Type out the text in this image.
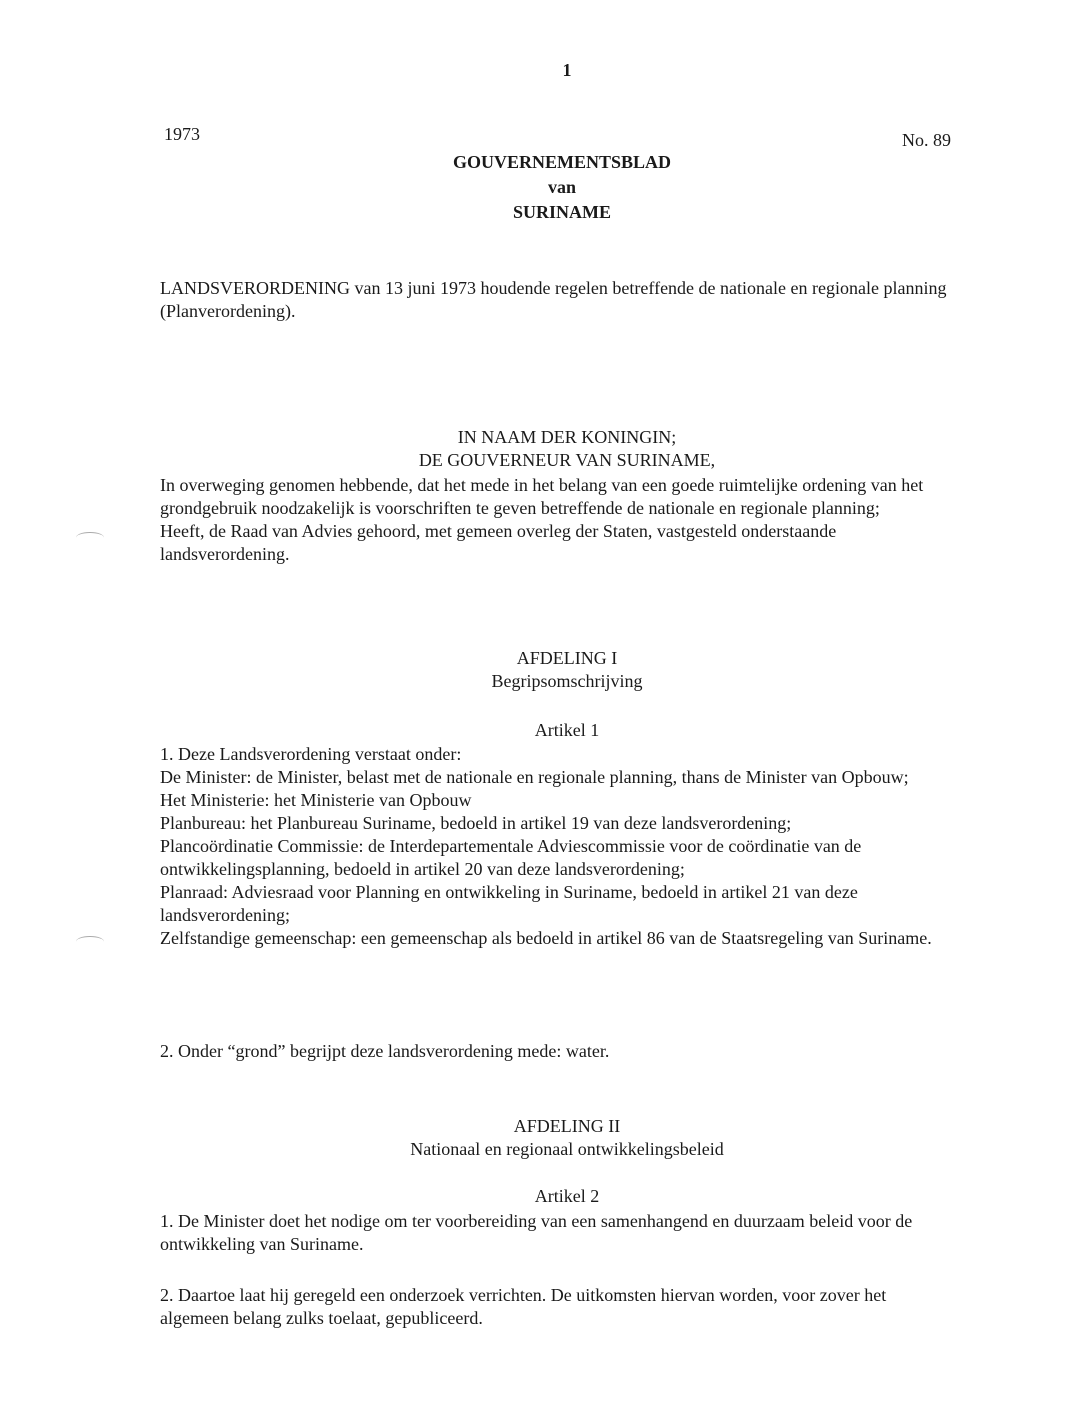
1
1973	No. 89
GOUVERNEMENTSBLAD
van
SURINAME

LANDSVERORDENING van 13 juni 1973 houdende regelen betreffende de nationale en regionale planning (Planverordening).

IN NAAM DER KONINGIN;
DE GOUVERNEUR VAN SURINAME,

In overweging genomen hebbende, dat het mede in het belang van een goede ruimtelijke ordening van het grondgebruik noodzakelijk is voorschriften te geven betreffende de nationale en regionale planning;

Heeft, de Raad van Advies gehoord, met gemeen overleg der Staten, vastgesteld onderstaande landsverordening.

AFDELING I
Begripsomschrijving
Artikel 1
1. Deze Landsverordening verstaat onder:
De Minister: de Minister, belast met de nationale en regionale planning, thans de Minister van Opbouw;
Het Ministerie: het Ministerie van Opbouw
Planbureau: het Planbureau Suriname, bedoeld in artikel 19 van deze landsverordening;
Plancoördinatie Commissie: de Interdepartementale Adviescommissie voor de coördinatie van de ontwikkelingsplanning, bedoeld in artikel 20 van deze landsverordening;
Planraad: Adviesraad voor Planning en ontwikkeling in Suriname, bedoeld in artikel 21 van deze landsverordening;
Zelfstandige gemeenschap: een gemeenschap als bedoeld in artikel 86 van de Staatsregeling van Suriname.
2. Onder “grond” begrijpt deze landsverordening mede: water.
AFDELING II
Nationaal en regionaal ontwikkelingsbeleid
Artikel 2
1. De Minister doet het nodige om ter voorbereiding van een samenhangend en duurzaam beleid voor de ontwikkeling van Suriname.
2. Daartoe laat hij geregeld een onderzoek verrichten. De uitkomsten hiervan worden, voor zover het algemeen belang zulks toelaat, gepubliceerd.
